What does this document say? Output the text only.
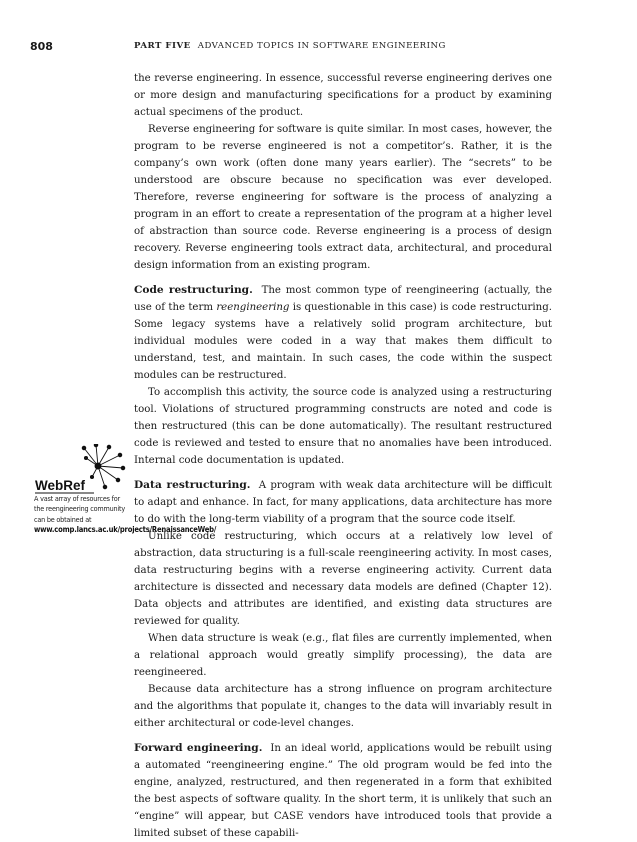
808	PART FIVE ADVANCED TOPICS IN SOFTWARE ENGINEERING

the reverse engineering. In essence, successful reverse engineering derives one or more design and manufacturing specifications for a product by examining actual specimens of the product.

Reverse engineering for software is quite similar. In most cases, however, the program to be reverse engineered is not a competitor’s. Rather, it is the company’s own work (often done many years earlier). The “secrets” to be understood are obscure because no specification was ever developed. Therefore, reverse engineering for software is the process of analyzing a program in an effort to create a representation of the program at a higher level of abstraction than source code. Reverse engineering is a process of design recovery. Reverse engineering tools extract data, architectural, and procedural design information from an existing program.

Code restructuring. The most common type of reengineering (actually, the use of the term reengineering is questionable in this case) is code restructuring. Some legacy systems have a relatively solid program architecture, but individual modules were coded in a way that makes them difficult to understand, test, and maintain. In such cases, the code within the suspect modules can be restructured.

To accomplish this activity, the source code is analyzed using a restructuring tool. Violations of structured programming constructs are noted and code is then restructured (this can be done automatically). The resultant restructured code is reviewed and tested to ensure that no anomalies have been introduced. Internal code documentation is updated.

Data restructuring. A program with weak data architecture will be difficult to adapt and enhance. In fact, for many applications, data architecture has more to do with the long-term viability of a program that the source code itself.

Unlike code restructuring, which occurs at a relatively low level of abstraction, data structuring is a full-scale reengineering activity. In most cases, data restructuring begins with a reverse engineering activity. Current data architecture is dissected and necessary data models are defined (Chapter 12). Data objects and attributes are identified, and existing data structures are reviewed for quality.

When data structure is weak (e.g., flat files are currently implemented, when a relational approach would greatly simplify processing), the data are reengineered.

Because data architecture has a strong influence on program architecture and the algorithms that populate it, changes to the data will invariably result in either architectural or code-level changes.

Forward engineering. In an ideal world, applications would be rebuilt using a automated “reengineering engine.” The old program would be fed into the engine, analyzed, restructured, and then regenerated in a form that exhibited the best aspects of software quality. In the short term, it is unlikely that such an “engine” will appear, but CASE vendors have introduced tools that provide a limited subset of these capabili-

WebRef
A vast array of resources for the reengineering community can be obtained at
www.comp.lancs.ac.uk/projects/RenaissanceWeb/
